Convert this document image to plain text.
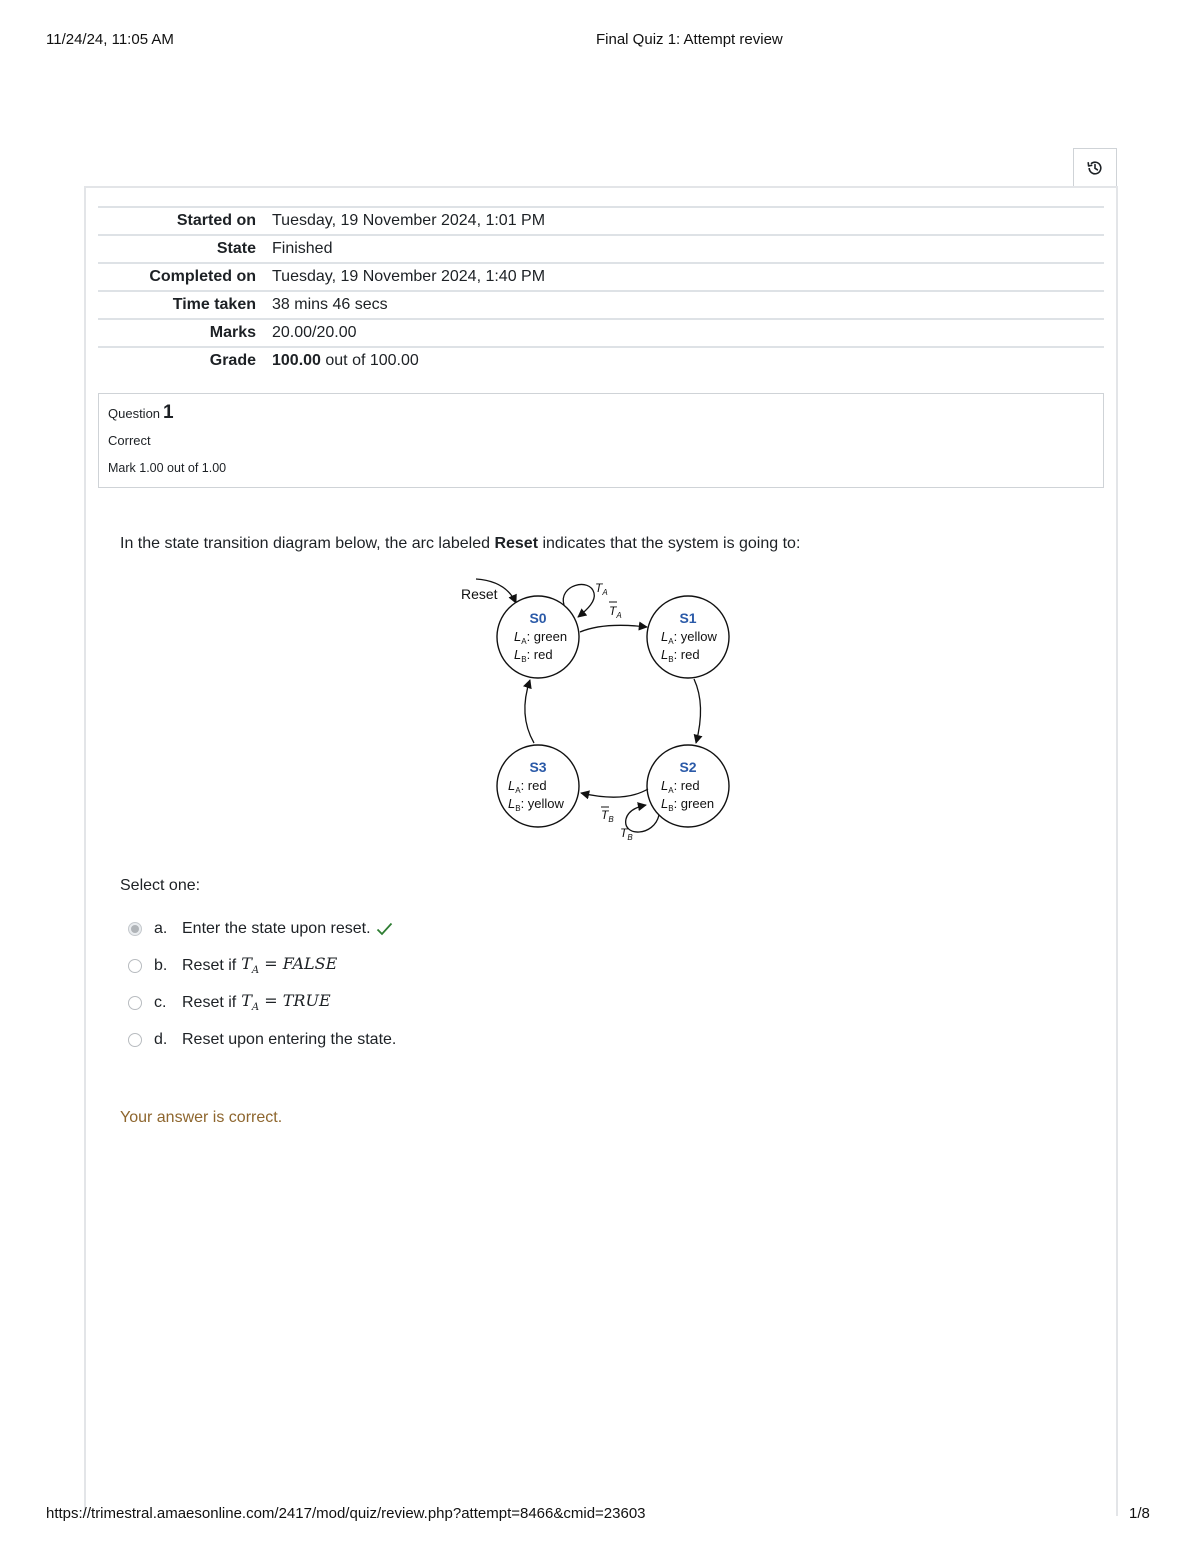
11/24/24, 11:05 AM	Final Quiz 1: Attempt review
Started on	Tuesday, 19 November 2024, 1:01 PM
State	Finished
Completed on	Tuesday, 19 November 2024, 1:40 PM
Time taken	38 mins 46 secs
Marks	20.00/20.00
Grade	100.00 out of 100.00
Question 1
Correct
Mark 1.00 out of 1.00
In the state transition diagram below, the arc labeled Reset indicates that the system is going to:
Reset
S0
$L_A$: green
$L_B$: red
S1
$L_A$: yellow
$L_B$: red
S2
$L_A$: red
$L_B$: green
S3
$L_A$: red
$L_B$: yellow
$T_A$
$T_A$
$T_B$
$T_B$
Select one:
a. Enter the state upon reset.
b. Reset if $T_A$ = FALSE
c. Reset if $T_A$ = TRUE
d. Reset upon entering the state.
Your answer is correct.
https://trimestral.amaesonline.com/2417/mod/quiz/review.php?attempt=8466&cmid=23603	1/8
